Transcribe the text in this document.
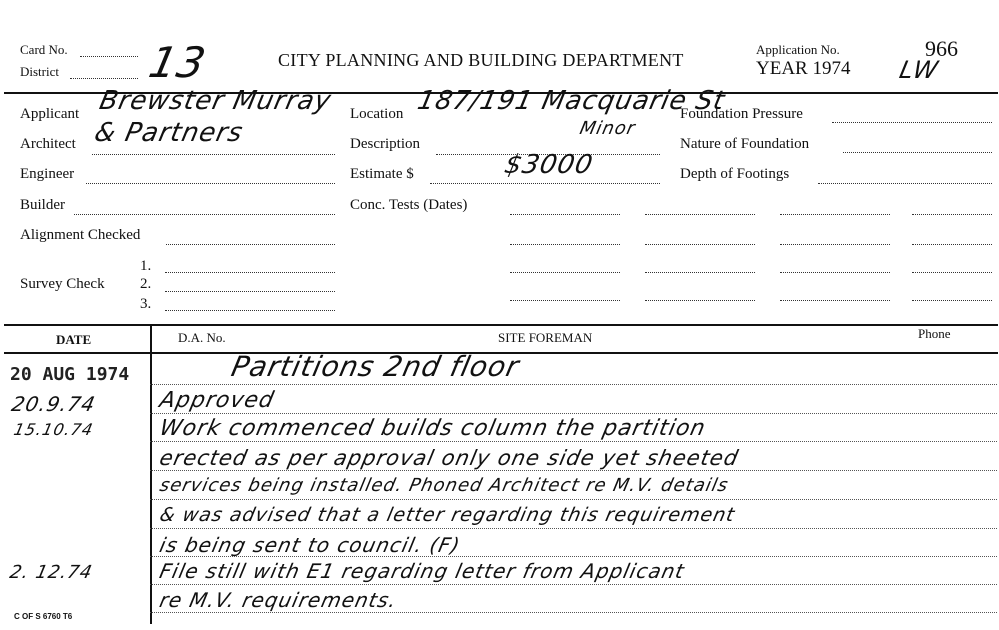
Card No.
District 13	CITY PLANNING AND BUILDING DEPARTMENT
Application No.
YEAR 1974
966
LW
Applicant Brewster Murray
Architect & Partners
Engineer
Builder
Alignment Checked
Survey Check
1.
2.
3.
Location 187/191 Macquarie St
Description
Minor
Estimate $	$3000
Conc. Tests (Dates)
Foundation Pressure
Nature of Foundation
Depth of Footings
DATE	D.A. No.	SITE FOREMAN	Phone
20 AUG 1974	Partitions 2nd floor
20.9.74	Approved
15.10.74	Work commenced builds column the partition
erected as per approval only one side yet sheeted
services being installed. Phoned Architect re M.V. details
& was advised that a letter regarding this requirement
is being sent to council. (F)
2. 12.74	File still with E1 regarding letter from Applicant
re M.V. requirements.
C OF S 6760 T6
